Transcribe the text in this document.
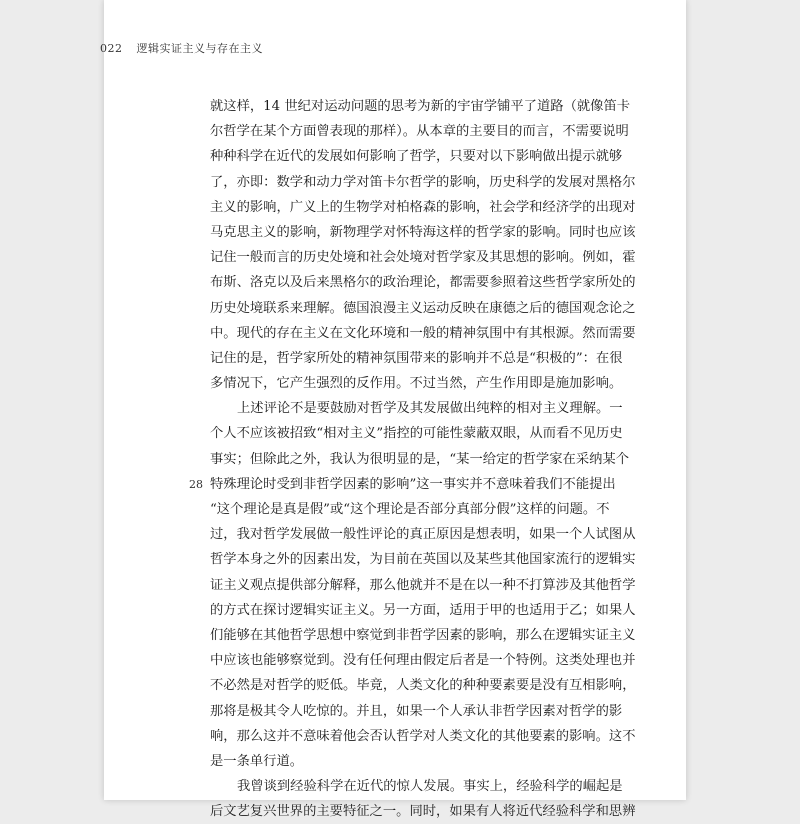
022 逻辑实证主义与存在主义
28
就这样，14 世纪对运动问题的思考为新的宇宙学铺平了道路（就像笛卡
尔哲学在某个方面曾表现的那样）。从本章的主要目的而言，不需要说明
种种科学在近代的发展如何影响了哲学，只要对以下影响做出提示就够
了，亦即：数学和动力学对笛卡尔哲学的影响，历史科学的发展对黑格尔
主义的影响，广义上的生物学对柏格森的影响，社会学和经济学的出现对
马克思主义的影响，新物理学对怀特海这样的哲学家的影响。同时也应该
记住一般而言的历史处境和社会处境对哲学家及其思想的影响。例如，霍
布斯、洛克以及后来黑格尔的政治理论，都需要参照着这些哲学家所处的
历史处境联系来理解。德国浪漫主义运动反映在康德之后的德国观念论之
中。现代的存在主义在文化环境和一般的精神氛围中有其根源。然而需要
记住的是，哲学家所处的精神氛围带来的影响并不总是“积极的”：在很
多情况下，它产生强烈的反作用。不过当然，产生作用即是施加影响。
上述评论不是要鼓励对哲学及其发展做出纯粹的相对主义理解。一
个人不应该被招致“相对主义”指控的可能性蒙蔽双眼，从而看不见历史
事实；但除此之外，我认为很明显的是，“某一给定的哲学家在采纳某个
特殊理论时受到非哲学因素的影响”这一事实并不意味着我们不能提出
“这个理论是真是假”或“这个理论是否部分真部分假”这样的问题。不
过，我对哲学发展做一般性评论的真正原因是想表明，如果一个人试图从
哲学本身之外的因素出发，为目前在英国以及某些其他国家流行的逻辑实
证主义观点提供部分解释，那么他就并不是在以一种不打算涉及其他哲学
的方式在探讨逻辑实证主义。另一方面，适用于甲的也适用于乙；如果人
们能够在其他哲学思想中察觉到非哲学因素的影响，那么在逻辑实证主义
中应该也能够察觉到。没有任何理由假定后者是一个特例。这类处理也并
不必然是对哲学的贬低。毕竟，人类文化的种种要素要是没有互相影响，
那将是极其令人吃惊的。并且，如果一个人承认非哲学因素对哲学的影
响，那么这并不意味着他会否认哲学对人类文化的其他要素的影响。这不
是一条单行道。
我曾谈到经验科学在近代的惊人发展。事实上，经验科学的崛起是
后文艺复兴世界的主要特征之一。同时，如果有人将近代经验科学和思辨
